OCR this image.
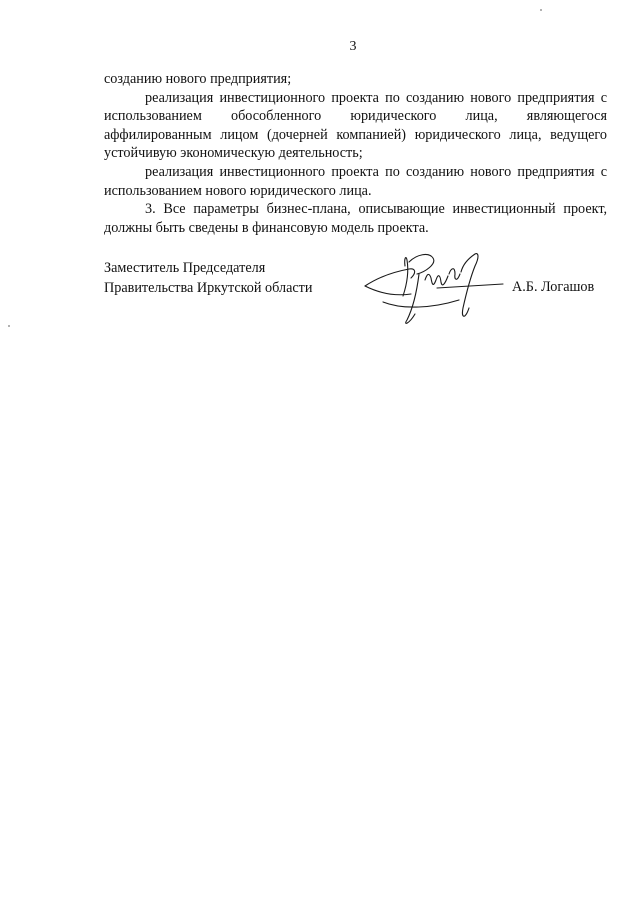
3

созданию нового предприятия;

реализация инвестиционного проекта по созданию нового предприятия с использованием обособленного юридического лица, являющегося аффилированным лицом (дочерней компанией) юридического лица, ведущего устойчивую экономическую деятельность;

реализация инвестиционного проекта по созданию нового предприятия с использованием нового юридического лица.

3. Все параметры бизнес-плана, описывающие инвестиционный проект, должны быть сведены в финансовую модель проекта.

Заместитель Председателя
Правительства Иркутской области	А.Б. Логашов
